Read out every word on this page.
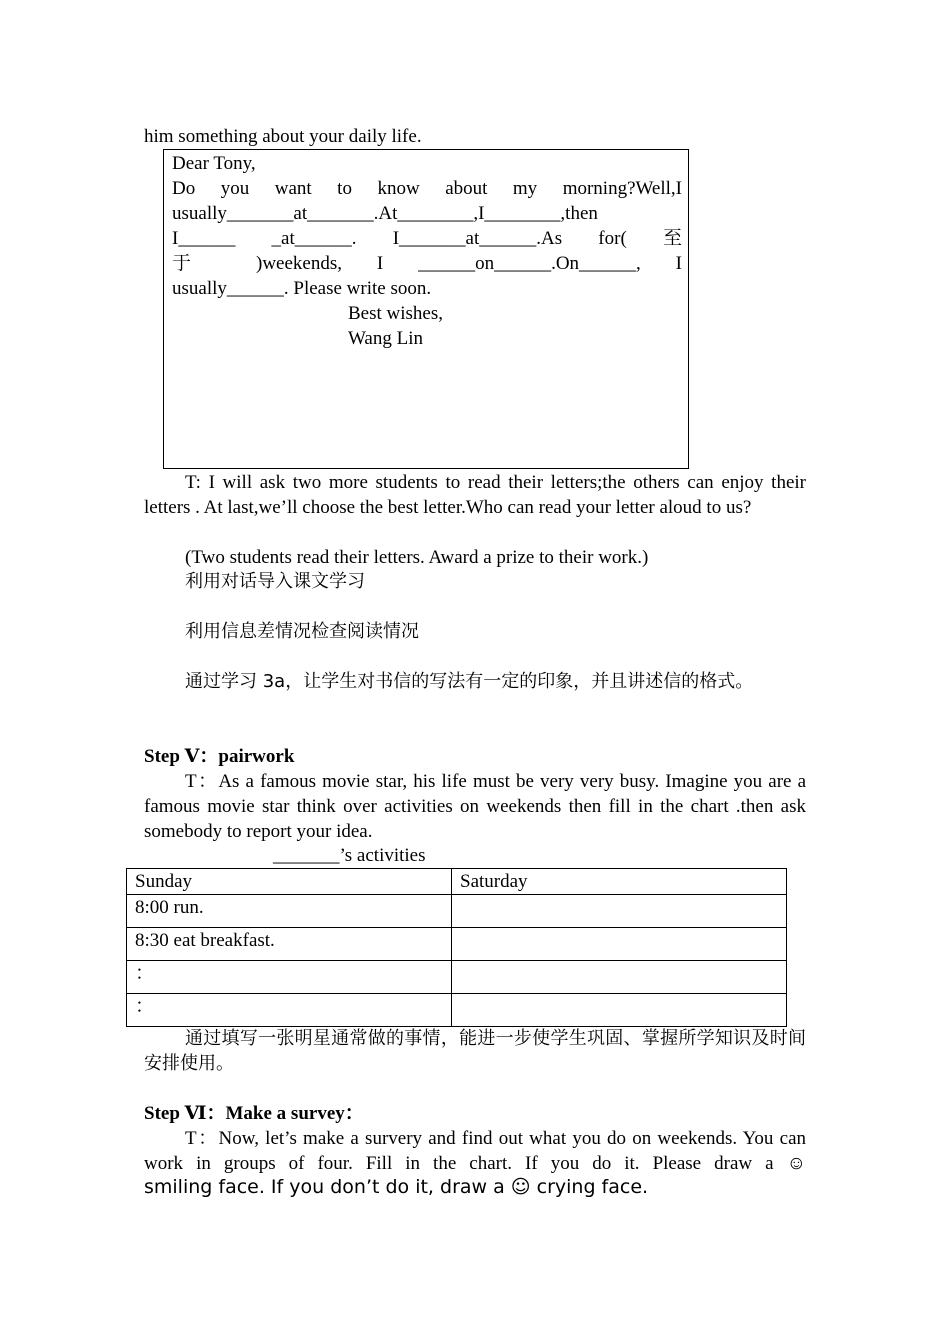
him something about your daily life.
Dear Tony,
Do you want to know about my morning?Well,I
usually_______at_______.At________,I________,then
I______ _at______. I_______at______.As for( 至
于 )weekends, I ______on______.On______, I
usually______. Please write soon.
Best wishes,
Wang Lin
T: I will ask two more students to read their letters;the others can enjoy their letters . At last,we’ll choose the best letter.Who can read your letter aloud to us?
(Two students read their letters. Award a prize to their work.)
利用对话导入课文学习
利用信息差情况检查阅读情况
通过学习 3a，让学生对书信的写法有一定的印象，并且讲述信的格式。
Step Ⅴ：pairwork
T：As a famous movie star, his life must be very very busy. Imagine you are a famous movie star think over activities on weekends then fill in the chart .then ask somebody to report your idea.
_______’s activities
Sunday	Saturday
8:00 run.	
8:30 eat breakfast.	
：	
：	
通过填写一张明星通常做的事情，能进一步使学生巩固、掌握所学知识及时间安排使用。
Step Ⅵ：Make a survey：
T：Now, let’s make a survery and find out what you do on weekends. You can work in groups of four. Fill in the chart. If you do it. Please draw a ☺
smiling face. If you don’t do it, draw a ☺ crying face.
